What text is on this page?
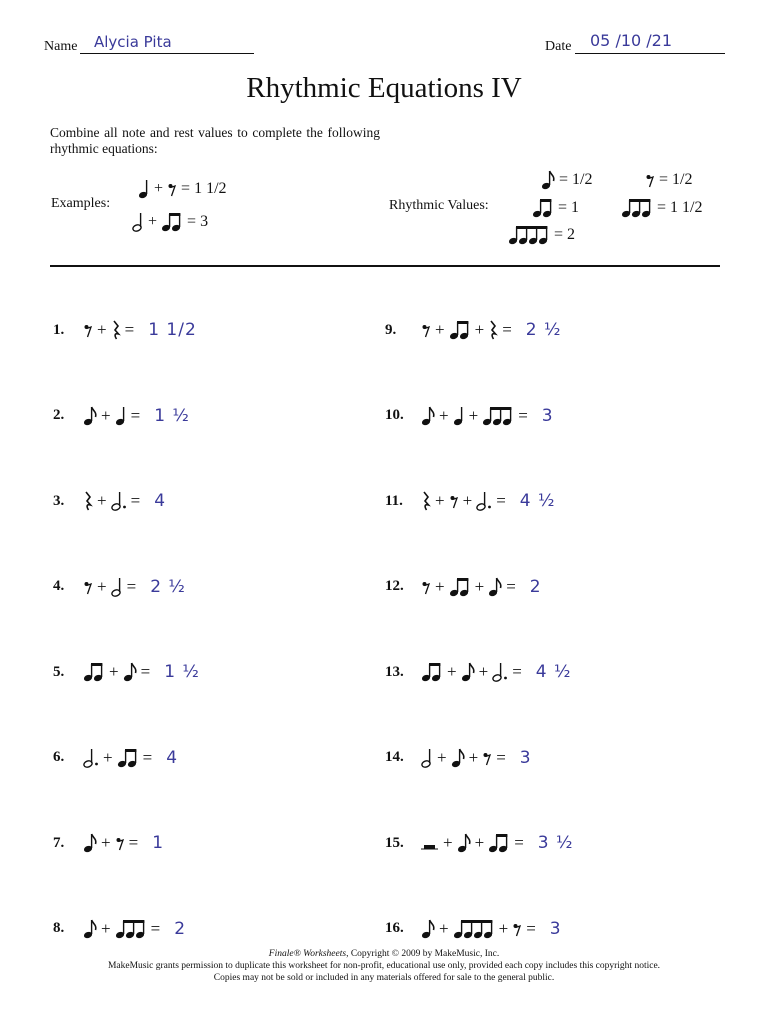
Name Alycia Pita	Date 05 /10 /21
Rhythmic Equations IV
Combine all note and rest values to complete the following rhythmic equations:
Examples:
+ = 1 1/2
+ = 3
Rhythmic Values:
= 1/2	= 1/2
= 1	= 1 1/2
= 2
1.	+ = 1 1/2
2.	+ = 1 ½
3.	+ = 4
4.	+ = 2 ½
5.	+ = 1 ½
6.	+ = 4
7.	+ = 1
8.	+ = 2
9.	+ + = 2 ½
10.	+ + = 3
11.	+ + = 4 ½
12.	+ + = 2
13.	+ + = 4 ½
14.	+ + = 3
15.	+ + = 3 ½
16.	+	+ = 3
Finale® Worksheets, Copyright © 2009 by MakeMusic, Inc.
MakeMusic grants permission to duplicate this worksheet for non-profit, educational use only, provided each copy includes this copyright notice.
Copies may not be sold or included in any materials offered for sale to the general public.
